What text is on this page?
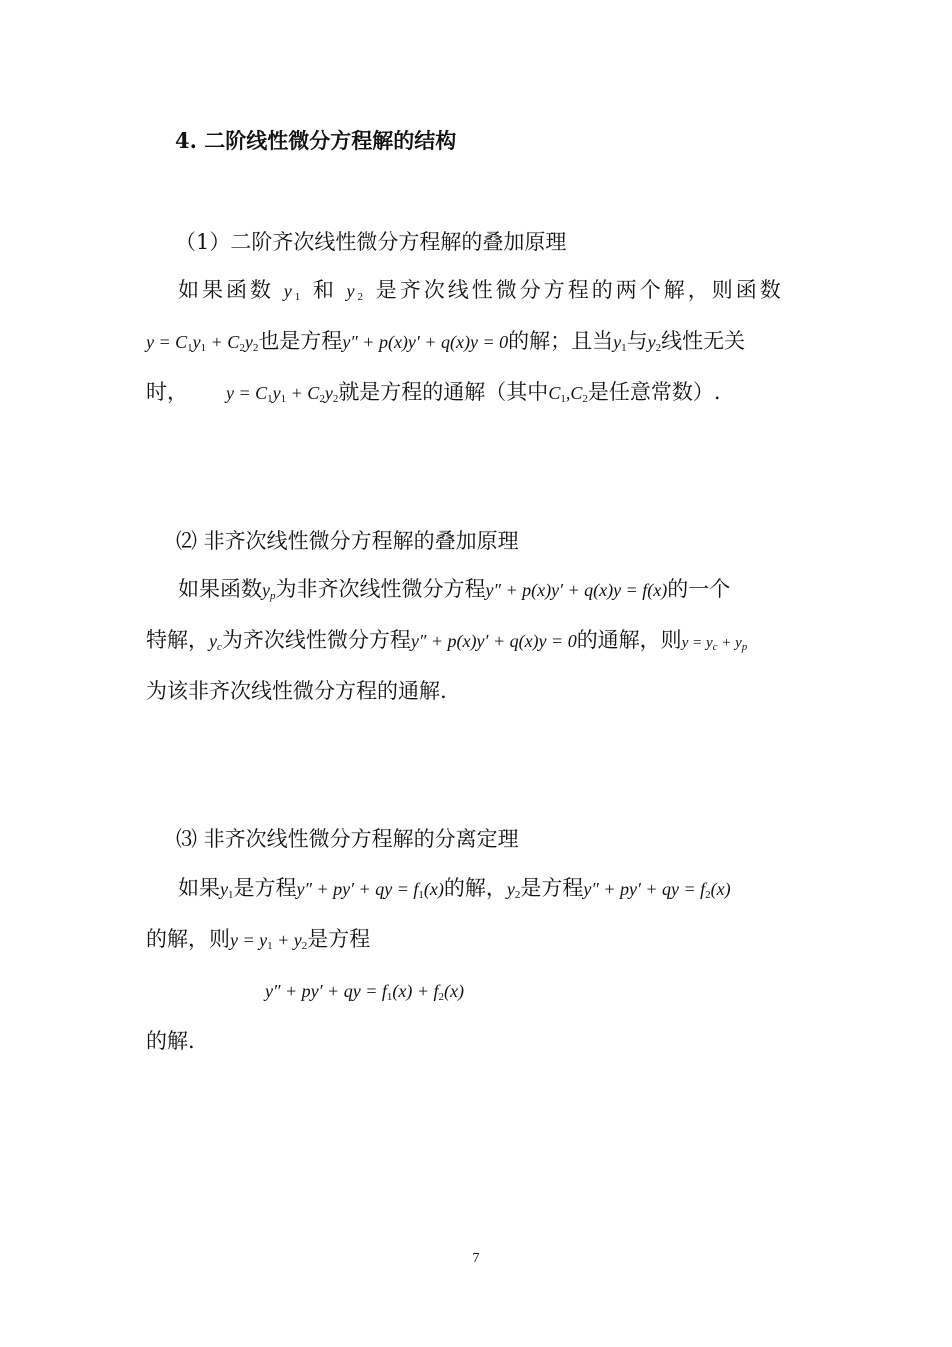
4. 二阶线性微分方程解的结构
（1）二阶齐次线性微分方程解的叠加原理
如果函数 $y_1$ 和 $y_2$ 是齐次线性微分方程的两个解，则函数
$y = C_1y_1 + C_2y_2$也是方程y″ + p(x)y′ + q(x)y = 0的解；且当$y_1$与$y_2$线性无关
时， $y = C_1y_1 + C_2y_2$就是方程的通解（其中$C_1,C_2$是任意常数）.
⑵ 非齐次线性微分方程解的叠加原理
如果函数$y_p$为非齐次线性微分方程y″ + p(x)y′ + q(x)y = f(x)的一个
特解，$y_c$为齐次线性微分方程y″ + p(x)y′ + q(x)y = 0的通解，则$y = y_c + y_p$
为该非齐次线性微分方程的通解.
⑶ 非齐次线性微分方程解的分离定理
如果$y_1$是方程y″ + py′ + qy = $f_1(x)$的解，$y_2$是方程y″ + py′ + qy = $f_2(x)$
的解，则$y = y_1 + y_2$是方程
y″ + py′ + qy = $f_1(x) + f_2(x)$
的解.
7
